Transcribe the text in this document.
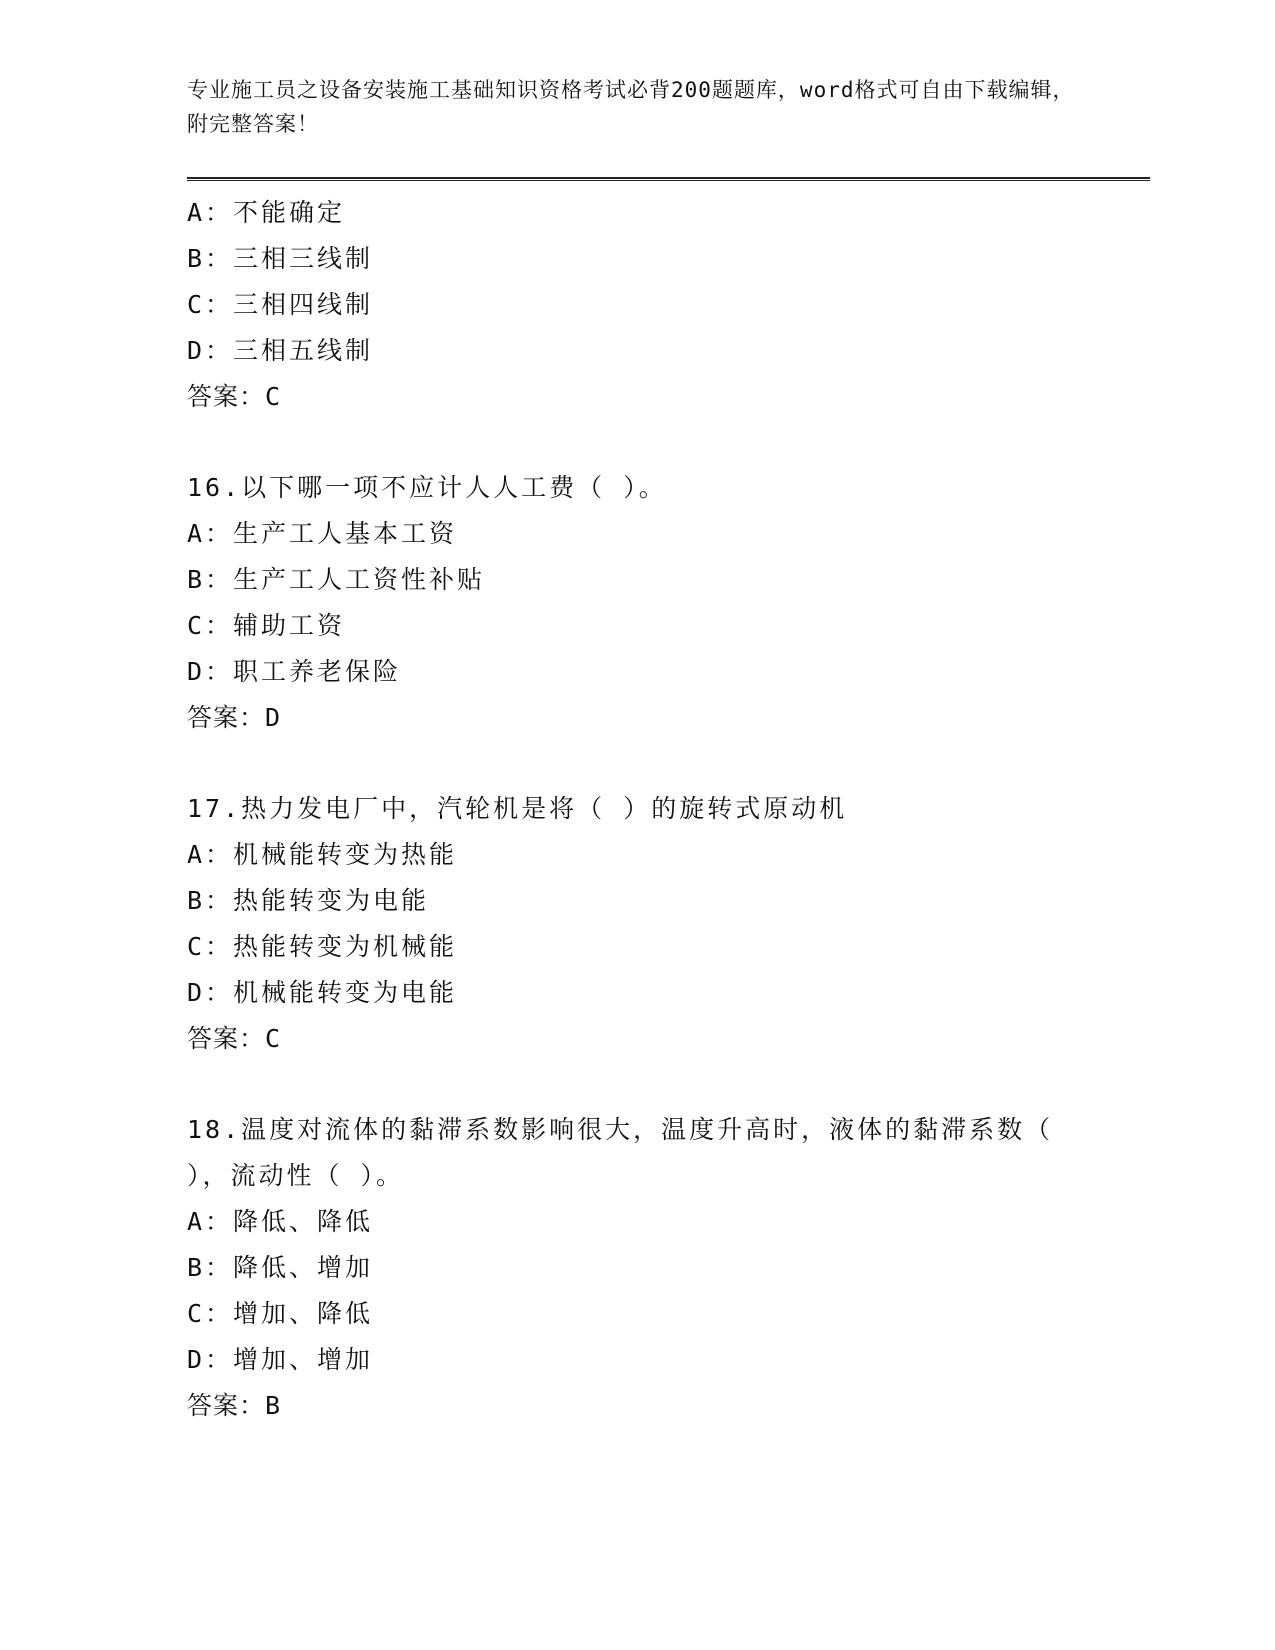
专业施工员之设备安装施工基础知识资格考试必背200题题库，word格式可自由下载编辑，附完整答案！
A：不能确定
B：三相三线制
C：三相四线制
D：三相五线制
答案：C
16.以下哪一项不应计人人工费（ ）。
A：生产工人基本工资
B：生产工人工资性补贴
C：辅助工资
D：职工养老保险
答案：D
17.热力发电厂中，汽轮机是将（ ）的旋转式原动机
A：机械能转变为热能
B：热能转变为电能
C：热能转变为机械能
D：机械能转变为电能
答案：C
18.温度对流体的黏滞系数影响很大，温度升高时，液体的黏滞系数（
），流动性（ ）。
A：降低、降低
B：降低、增加
C：增加、降低
D：增加、增加
答案：B
